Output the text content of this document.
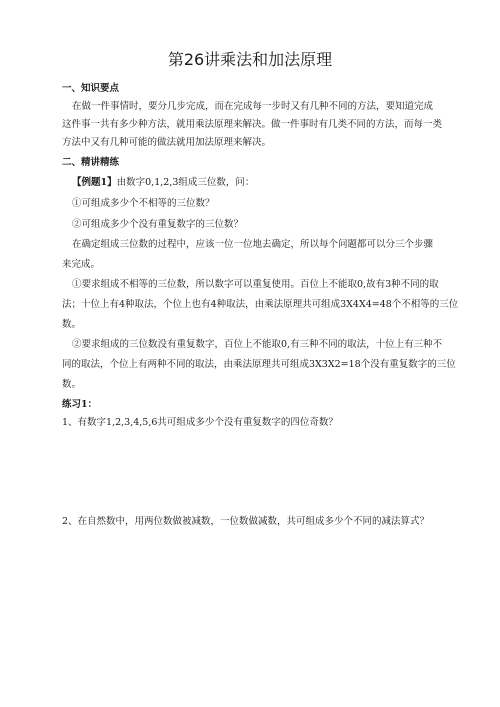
第26讲乘法和加法原理
一、知识要点
在做一件事情时，要分几步完成，而在完成每一步时又有几种不同的方法，要知道完成
这件事一共有多少种方法，就用乘法原理来解决。做一件事时有几类不同的方法，而每一类
方法中又有几种可能的做法就用加法原理来解决。
二、精讲精练
【例题1】由数字0,1,2,3组成三位数，问：
①可组成多少个不相等的三位数？
②可组成多少个没有重复数字的三位数？
在确定组成三位数的过程中，应该一位一位地去确定，所以每个问题都可以分三个步骤
来完成。
①要求组成不相等的三位数，所以数字可以重复使用。百位上不能取0,故有3种不同的取
法；十位上有4种取法，个位上也有4种取法，由乘法原理共可组成3X4X4=48个不相等的三位
数。
②要求组成的三位数没有重复数字，百位上不能取0,有三种不同的取法，十位上有三种不
同的取法，个位上有两种不同的取法，由乘法原理共可组成3X3X2=18个没有重复数字的三位
数。
练习1：
1、有数字1,2,3,4,5,6共可组成多少个没有重复数字的四位奇数？
2、在自然数中，用两位数做被减数，一位数做减数，共可组成多少个不同的减法算式？
